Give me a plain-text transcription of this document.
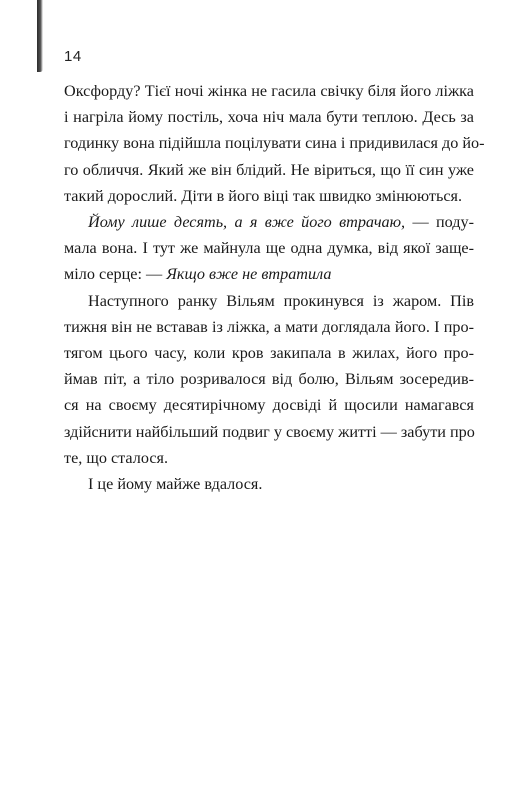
14

Оксфорду? Тієї ночі жінка не гасила свічку біля його ліжка
і нагріла йому постіль, хоча ніч мала бути теплою. Десь за
годинку вона підійшла поцілувати сина і придивилася до йо-
го обличчя. Який же він блідий. Не віриться, що її син уже
такий дорослий. Діти в його віці так швидко змінюються.

Йому лише десять, а я вже його втрачаю, — поду-
мала вона. І тут же майнула ще одна думка, від якої заще-
міло серце: — Якщо вже не втратила

Наступного ранку Вільям прокинувся із жаром. Пів
тижня він не вставав із ліжка, а мати доглядала його. І про-
тягом цього часу, коли кров закипала в жилах, його про-
ймав піт, а тіло розривалося від болю, Вільям зосередив-
ся на своєму десятирічному досвіді й щосили намагався
здійснити найбільший подвиг у своєму житті — забути про
те, що сталося.

І це йому майже вдалося.
